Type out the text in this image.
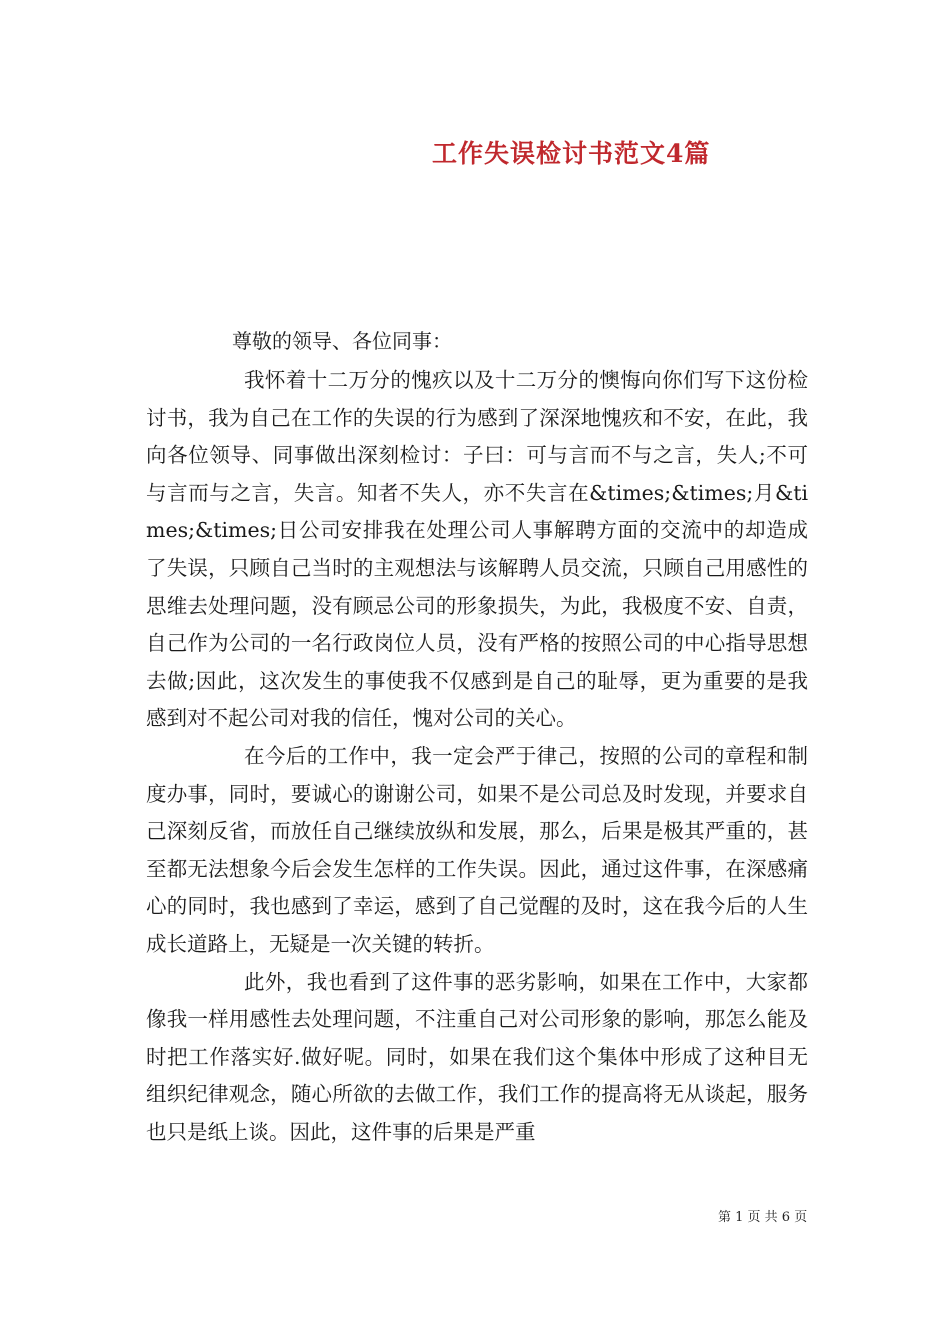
工作失误检讨书范文4篇
尊敬的领导、各位同事：

我怀着十二万分的愧疚以及十二万分的懊悔向你们写下这份检讨书，我为自己在工作的失误的行为感到了深深地愧疚和不安，在此，我向各位领导、同事做出深刻检讨：子曰：可与言而不与之言，失人;不可与言而与之言，失言。知者不失人，亦不失言在&times;&times;月&times;&times;日公司安排我在处理公司人事解聘方面的交流中的却造成了失误，只顾自己当时的主观想法与该解聘人员交流，只顾自己用感性的思维去处理问题，没有顾忌公司的形象损失，为此，我极度不安、自责，自己作为公司的一名行政岗位人员，没有严格的按照公司的中心指导思想去做;因此，这次发生的事使我不仅感到是自己的耻辱，更为重要的是我感到对不起公司对我的信任，愧对公司的关心。

在今后的工作中，我一定会严于律己，按照的公司的章程和制度办事，同时，要诚心的谢谢公司，如果不是公司总及时发现，并要求自己深刻反省，而放任自己继续放纵和发展，那么，后果是极其严重的，甚至都无法想象今后会发生怎样的工作失误。因此，通过这件事，在深感痛心的同时，我也感到了幸运，感到了自己觉醒的及时，这在我今后的人生成长道路上，无疑是一次关键的转折。

此外，我也看到了这件事的恶劣影响，如果在工作中，大家都像我一样用感性去处理问题，不注重自己对公司形象的影响，那怎么能及时把工作落实好.做好呢。同时，如果在我们这个集体中形成了这种目无组织纪律观念，随心所欲的去做工作，我们工作的提高将无从谈起，服务也只是纸上谈。因此，这件事的后果是严重

第 1 页 共 6 页
